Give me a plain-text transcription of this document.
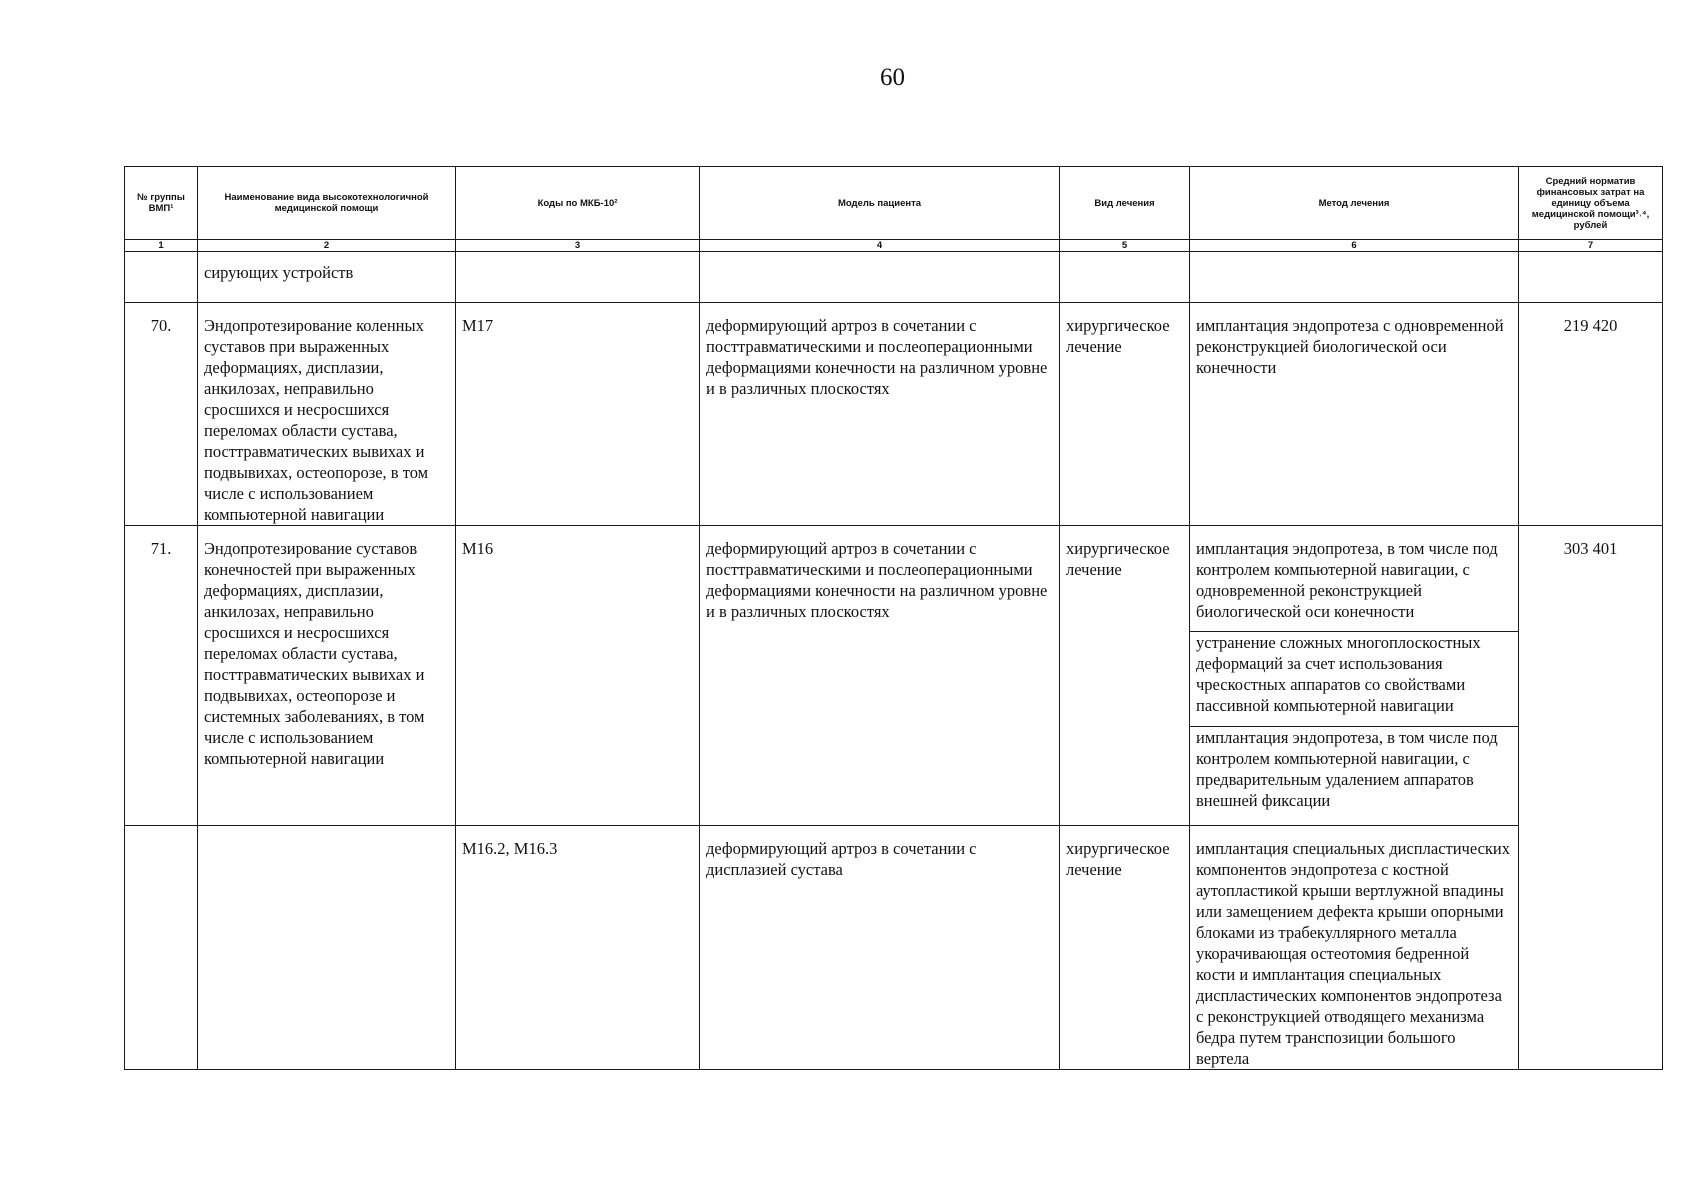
60
№ группы ВМП¹	Наименование вида высокотехнологичной медицинской помощи	Коды по МКБ-10²	Модель пациента	Вид лечения	Метод лечения	Средний норматив финансовых затрат на единицу объема медицинской помощи³˒⁴, рублей
1	2	3	4	5	6	7
	сирующих устройств					
70.	Эндопротезирование коленных суставов при выраженных деформациях, дисплазии, анкилозах, неправильно сросшихся и несросшихся переломах области сустава, посттравматических вывихах и подвывихах, остеопорозе, в том числе с использованием компьютерной навигации	M17	деформирующий артроз в сочетании с посттравматическими и послеоперационными деформациями конечности на различном уровне и в различных плоскостях	хирургическое лечение	имплантация эндопротеза с одновременной реконструкцией биологической оси конечности	219 420
71.	Эндопротезирование суставов конечностей при выраженных деформациях, дисплазии, анкилозах, неправильно сросшихся и несросшихся переломах области сустава, посттравматических вывихах и подвывихах, остеопорозе и системных заболеваниях, в том числе с использованием компьютерной навигации	M16	деформирующий артроз в сочетании с посттравматическими и послеоперационными деформациями конечности на различном уровне и в различных плоскостях	хирургическое лечение	имплантация эндопротеза, в том числе под контролем компьютерной навигации, с одновременной реконструкцией биологической оси конечности	303 401
					устранение сложных многоплоскостных деформаций за счет использования чрескостных аппаратов со свойствами пассивной компьютерной навигации	
					имплантация эндопротеза, в том числе под контролем компьютерной навигации, с предварительным удалением аппаратов внешней фиксации	
		M16.2, M16.3	деформирующий артроз в сочетании с дисплазией сустава	хирургическое лечение	имплантация специальных диспластических компонентов эндопротеза с костной аутопластикой крыши вертлужной впадины или замещением дефекта крыши опорными блоками из трабекуллярного металла укорачивающая остеотомия бедренной кости и имплантация специальных диспластических компонентов эндопротеза с реконструкцией отводящего механизма бедра путем транспозиции большого вертела	
